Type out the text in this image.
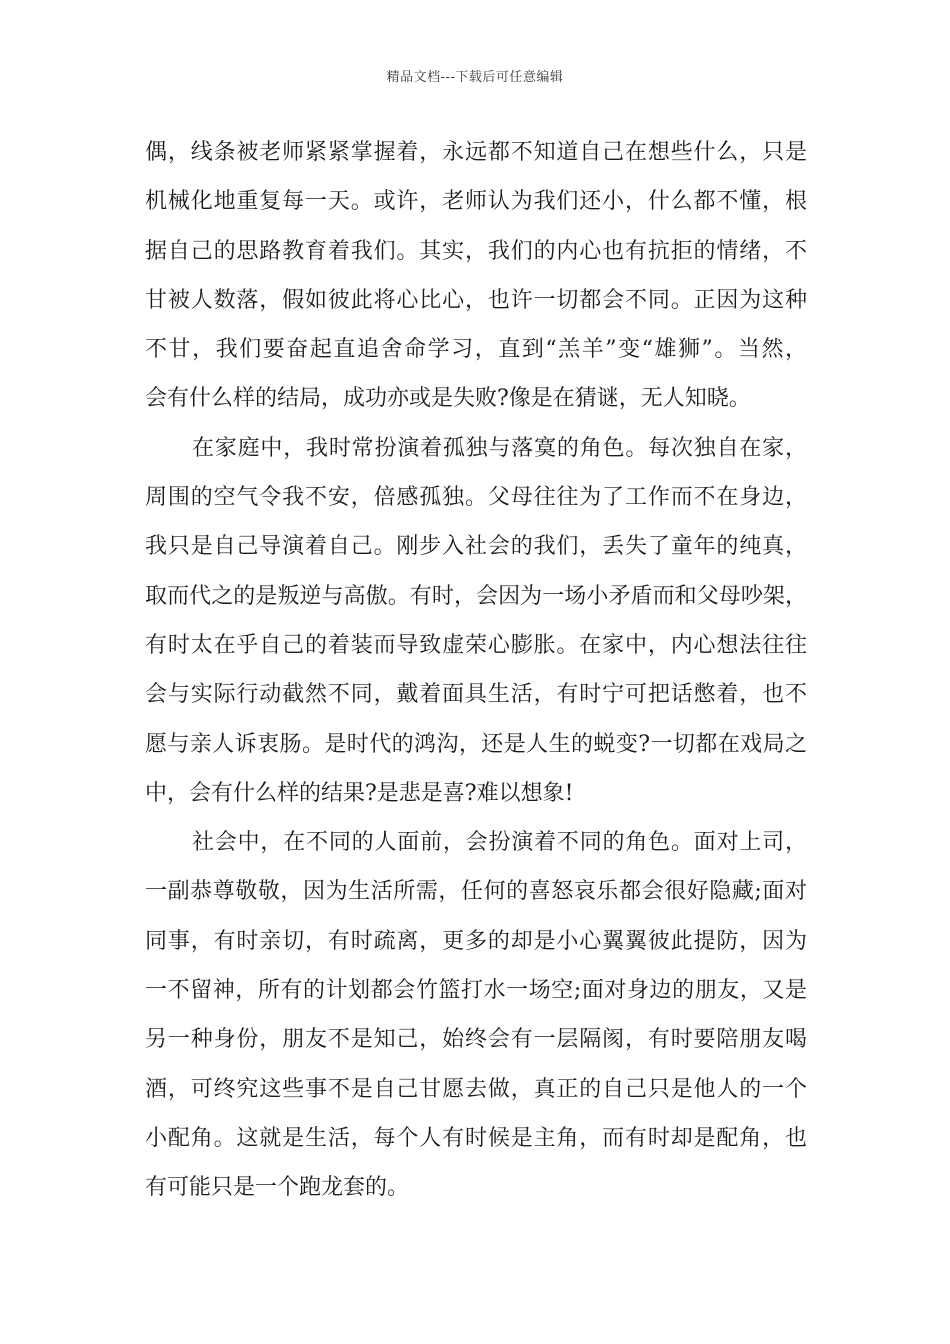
精品文档---下载后可任意编辑
偶，线条被老师紧紧掌握着，永远都不知道自己在想些什么，只是
机械化地重复每一天。或许，老师认为我们还小，什么都不懂，根
据自己的思路教育着我们。其实，我们的内心也有抗拒的情绪，不
甘被人数落，假如彼此将心比心，也许一切都会不同。正因为这种
不甘，我们要奋起直追舍命学习，直到“羔羊”变“雄狮”。当然，
会有什么样的结局，成功亦或是失败?像是在猜谜，无人知晓。
在家庭中，我时常扮演着孤独与落寞的角色。每次独自在家，
周围的空气令我不安，倍感孤独。父母往往为了工作而不在身边，
我只是自己导演着自己。刚步入社会的我们，丢失了童年的纯真，
取而代之的是叛逆与高傲。有时，会因为一场小矛盾而和父母吵架，
有时太在乎自己的着装而导致虚荣心膨胀。在家中，内心想法往往
会与实际行动截然不同，戴着面具生活，有时宁可把话憋着，也不
愿与亲人诉衷肠。是时代的鸿沟，还是人生的蜕变?一切都在戏局之
中，会有什么样的结果?是悲是喜?难以想象!
社会中，在不同的人面前，会扮演着不同的角色。面对上司，
一副恭尊敬敬，因为生活所需，任何的喜怒哀乐都会很好隐藏;面对
同事，有时亲切，有时疏离，更多的却是小心翼翼彼此提防，因为
一不留神，所有的计划都会竹篮打水一场空;面对身边的朋友，又是
另一种身份，朋友不是知己，始终会有一层隔阂，有时要陪朋友喝
酒，可终究这些事不是自己甘愿去做，真正的自己只是他人的一个
小配角。这就是生活，每个人有时候是主角，而有时却是配角，也
有可能只是一个跑龙套的。
